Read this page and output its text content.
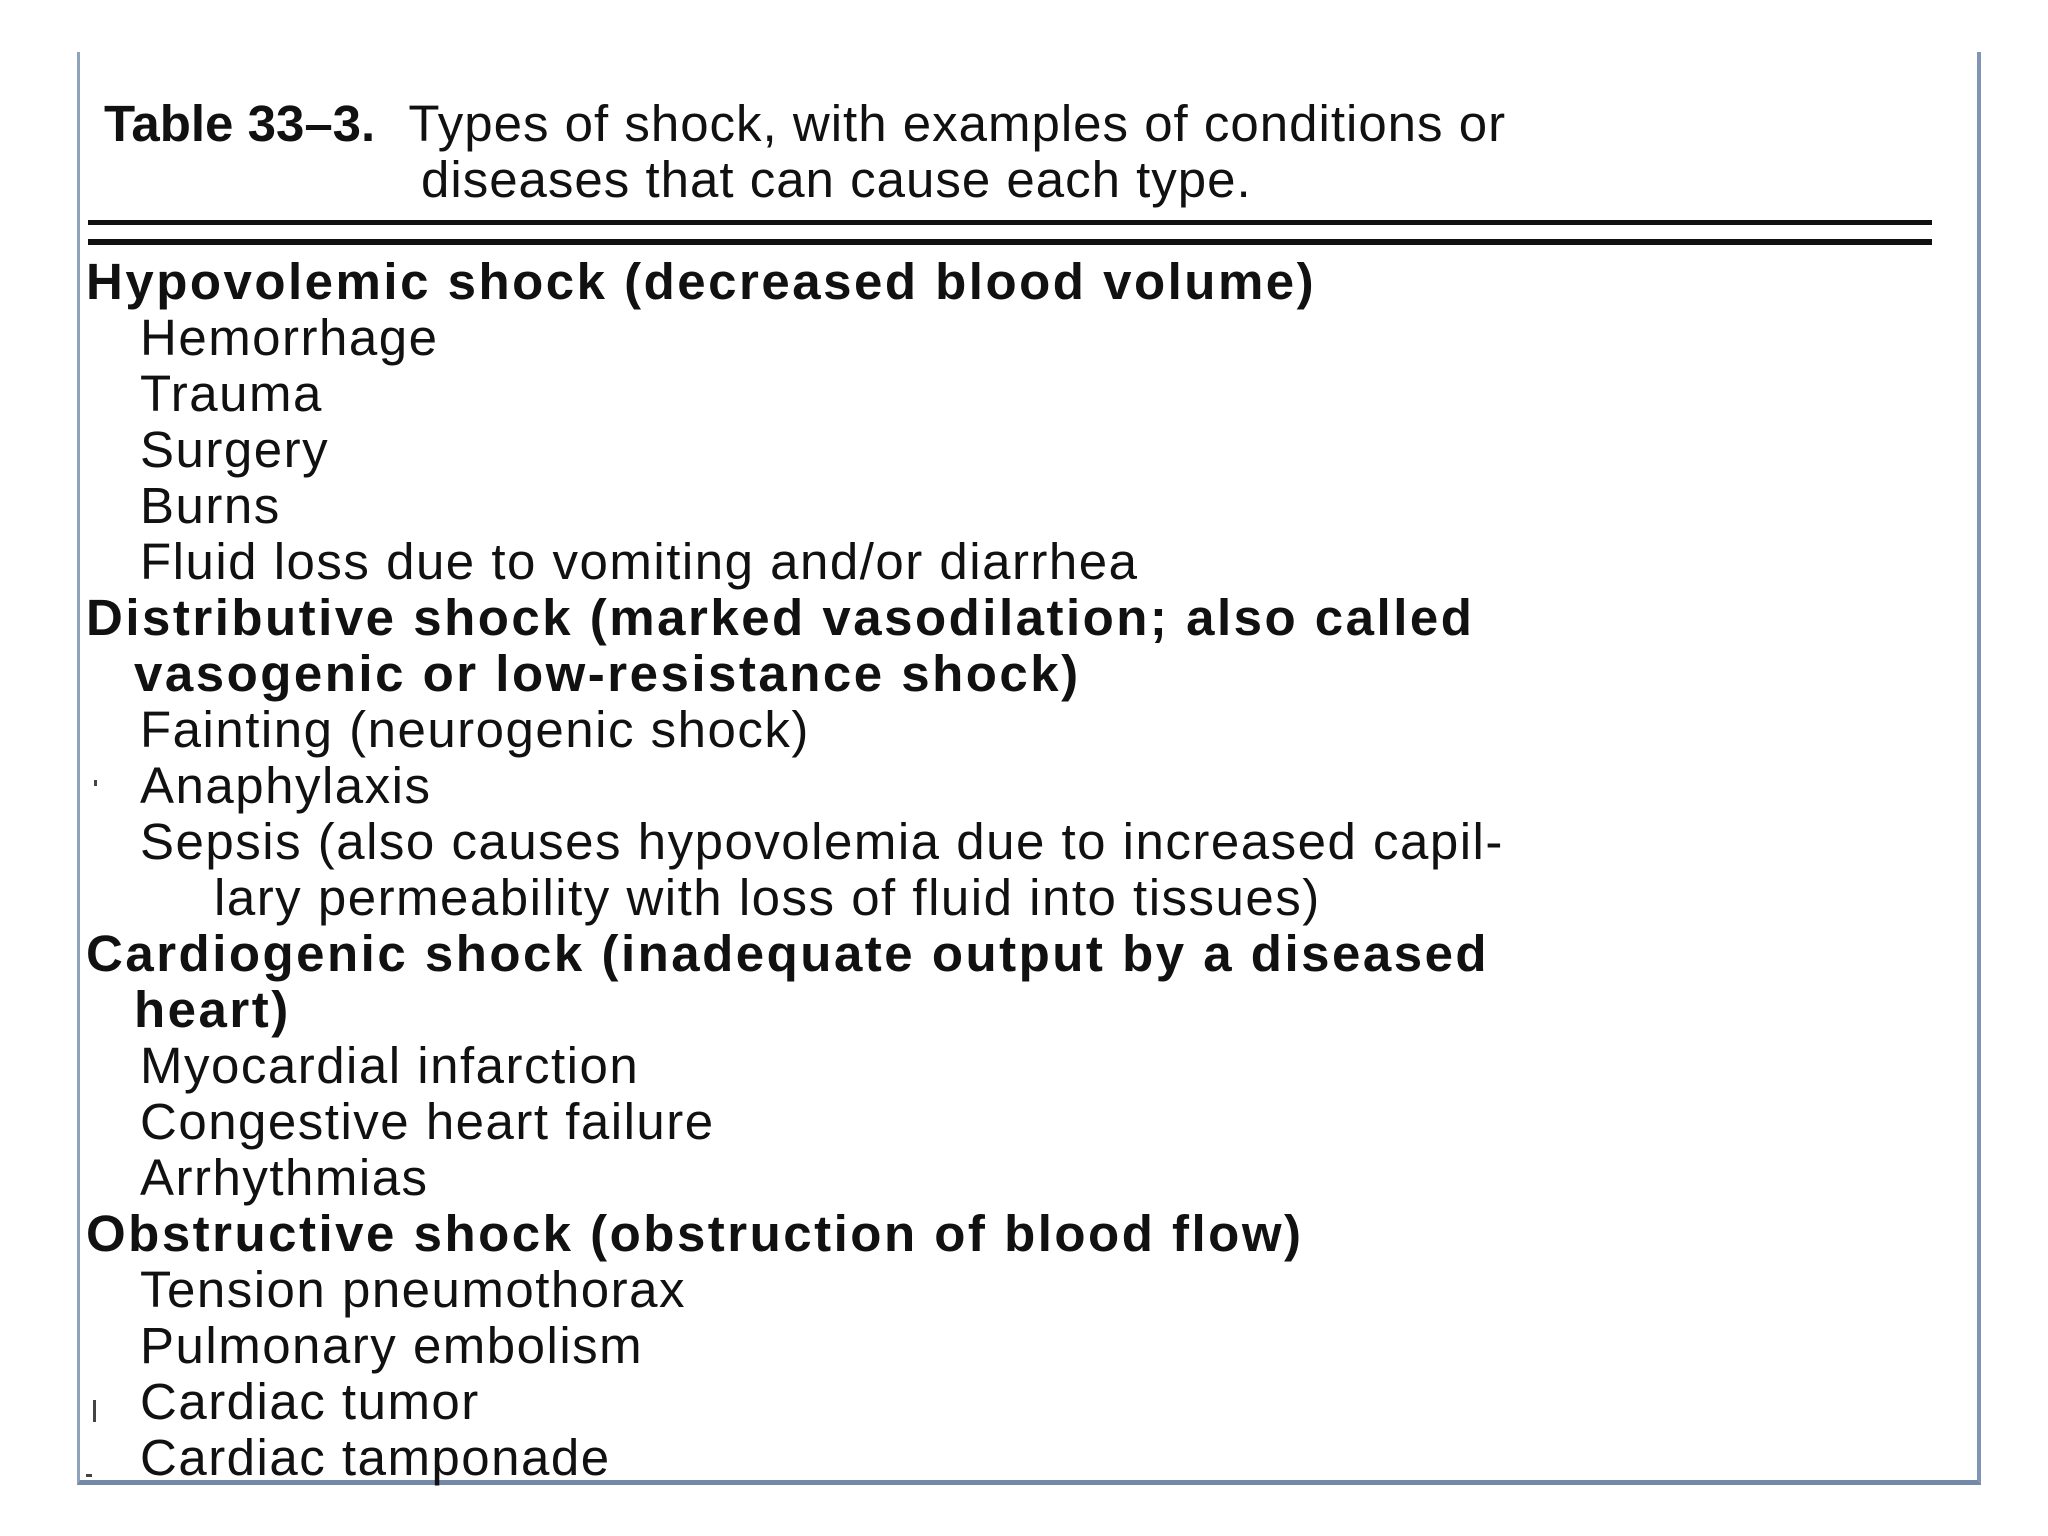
Table 33–3. Types of shock, with examples of conditions or
diseases that can cause each type.
Hypovolemic shock (decreased blood volume)
Hemorrhage
Trauma
Surgery
Burns
Fluid loss due to vomiting and/or diarrhea
Distributive shock (marked vasodilation; also called
vasogenic or low-resistance shock)
Fainting (neurogenic shock)
Anaphylaxis
Sepsis (also causes hypovolemia due to increased capil-
lary permeability with loss of fluid into tissues)
Cardiogenic shock (inadequate output by a diseased
heart)
Myocardial infarction
Congestive heart failure
Arrhythmias
Obstructive shock (obstruction of blood flow)
Tension pneumothorax
Pulmonary embolism
Cardiac tumor
Cardiac tamponade
